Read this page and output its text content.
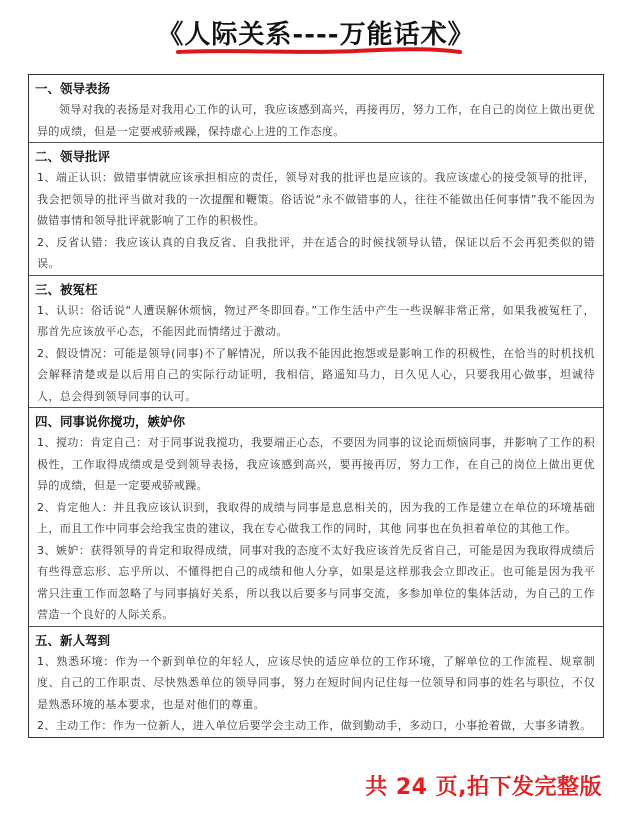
《人际关系----万能话术》
一、领导表扬
领导对我的表扬是对我用心工作的认可，我应该感到高兴，再接再厉，努力工作，在自己的岗位上做出更优异的成绩，但是一定要戒骄戒躁，保持虚心上进的工作态度。
二、领导批评
1、端正认识：做错事情就应该承担相应的责任，领导对我的批评也是应该的。我应该虚心的接受领导的批评，我会把领导的批评当做对我的一次提醒和鞭策。俗话说“永不做错事的人，往往不能做出任何事情”我不能因为做错事情和领导批评就影响了工作的积极性。
2、反省认错：我应该认真的自我反省、自我批评，并在适合的时候找领导认错，保证以后不会再犯类似的错误。
三、被冤枉
1、认识：俗话说“人遭误解休烦恼，物过严冬即回春。”工作生活中产生一些误解非常正常，如果我被冤枉了，那首先应该放平心态，不能因此而情绪过于激动。
2、假设情况：可能是领导(同事)不了解情况，所以我不能因此抱怨或是影响工作的积极性，在恰当的时机找机会解释清楚或是以后用自己的实际行动证明，我相信，路遥知马力，日久见人心，只要我用心做事，坦诚待人，总会得到领导同事的认可。
四、同事说你搅功，嫉妒你
1、搅功：肯定自己：对于同事说我搅功，我要端正心态，不要因为同事的议论而烦恼同事，并影响了工作的积极性，工作取得成绩或是受到领导表扬，我应该感到高兴，要再接再厉，努力工作，在自己的岗位上做出更优异的成绩，但是一定要戒骄戒躁。
2、肯定他人：并且我应该认识到，我取得的成绩与同事是息息相关的，因为我的工作是建立在单位的环境基础上，而且工作中同事会给我宝贵的建议，我在专心做我工作的同时，其他 同事也在负担着单位的其他工作。
3、嫉妒：获得领导的肯定和取得成绩，同事对我的态度不太好我应该首先反省自己，可能是因为我取得成绩后有些得意忘形、忘乎所以、不懂得把自己的成绩和他人分享，如果是这样那我会立即改正。也可能是因为我平常只注重工作而忽略了与同事搞好关系，所以我以后要多与同事交流，多参加单位的集体活动，为自己的工作营造一个良好的人际关系。
五、新人驾到
1、熟悉环境：作为一个新到单位的年轻人，应该尽快的适应单位的工作环境，了解单位的工作流程、规章制度、自己的工作职责、尽快熟悉单位的领导同事，努力在短时间内记住每一位领导和同事的姓名与职位，不仅是熟悉环境的基本要求，也是对他们的尊重。
2、主动工作：作为一位新人，进入单位后要学会主动工作，做到勤动手，多动口，小事抢着做，大事多请教。
共 24 页,拍下发完整版
